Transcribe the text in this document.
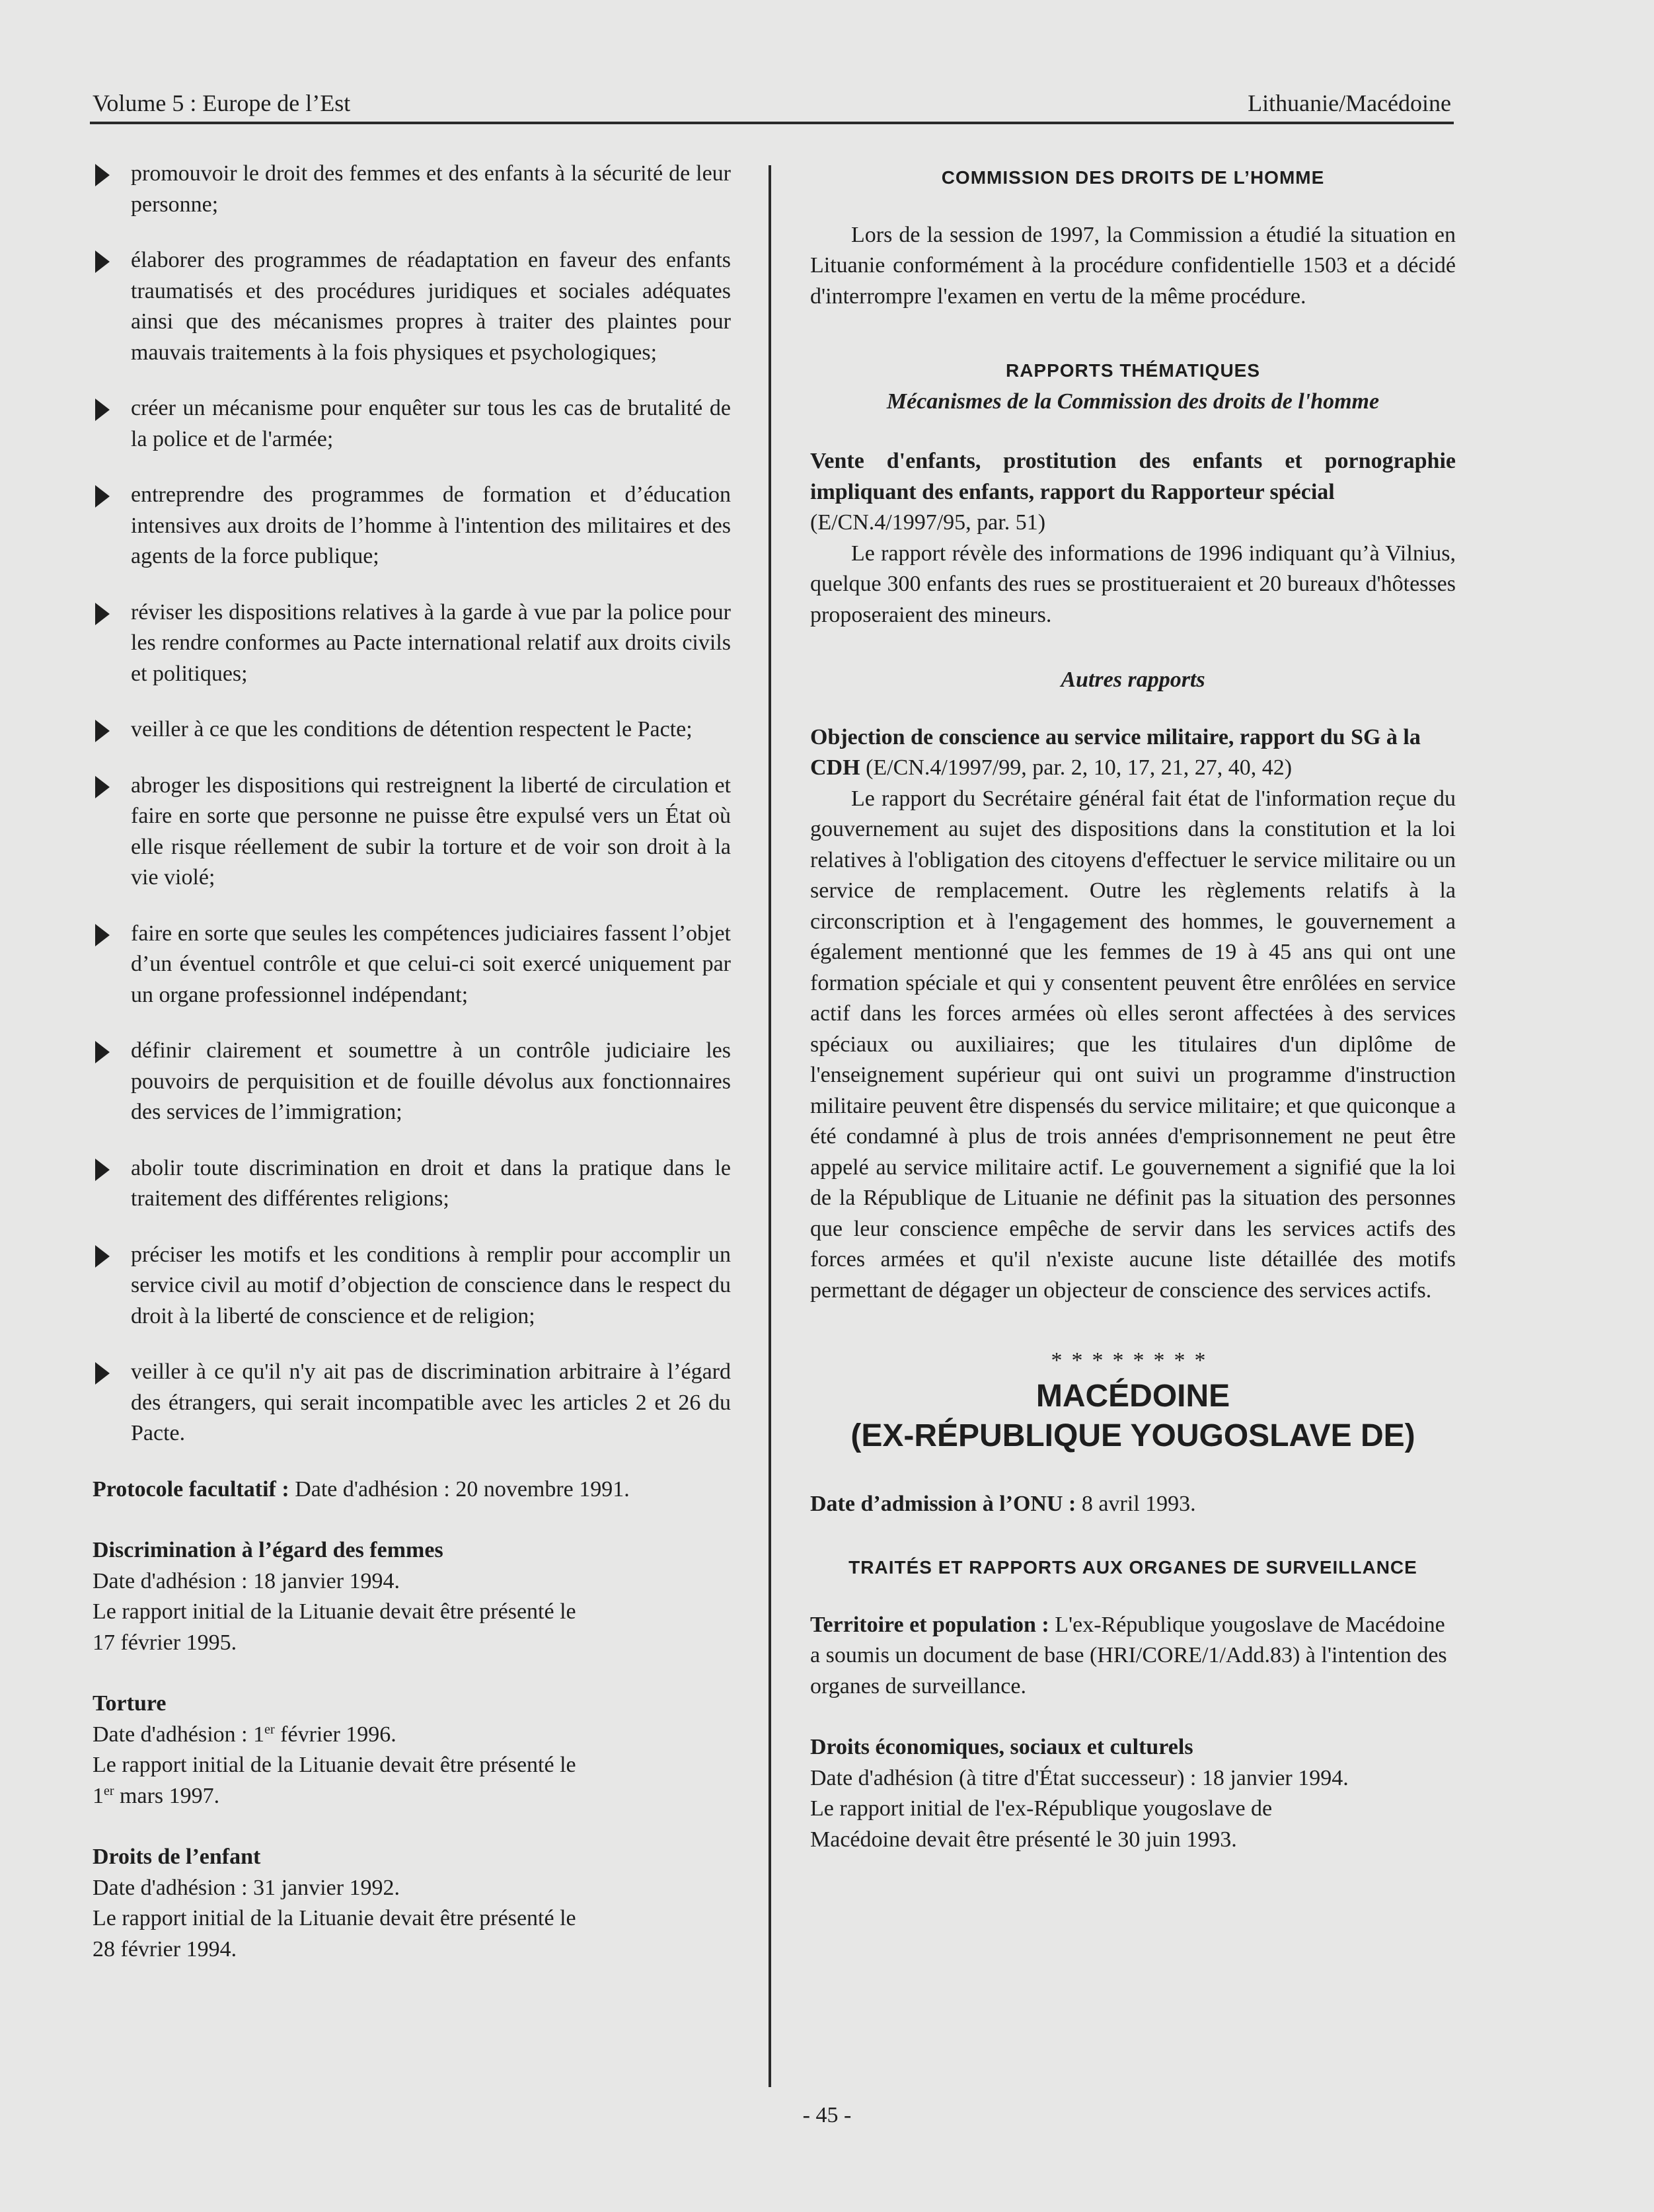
Volume 5 : Europe de l’Est	Lithuanie/Macédoine

promouvoir le droit des femmes et des enfants à la sécurité de leur personne;

élaborer des programmes de réadaptation en faveur des enfants traumatisés et des procédures juridiques et sociales adéquates ainsi que des mécanismes propres à traiter des plaintes pour mauvais traitements à la fois physiques et psychologiques;

créer un mécanisme pour enquêter sur tous les cas de brutalité de la police et de l'armée;

entreprendre des programmes de formation et d’éducation intensives aux droits de l’homme à l'intention des militaires et des agents de la force publique;

réviser les dispositions relatives à la garde à vue par la police pour les rendre conformes au Pacte international relatif aux droits civils et politiques;

veiller à ce que les conditions de détention respectent le Pacte;

abroger les dispositions qui restreignent la liberté de circulation et faire en sorte que personne ne puisse être expulsé vers un État où elle risque réellement de subir la torture et de voir son droit à la vie violé;

faire en sorte que seules les compétences judiciaires fassent l’objet d’un éventuel contrôle et que celui-ci soit exercé uniquement par un organe professionnel indépendant;

définir clairement et soumettre à un contrôle judiciaire les pouvoirs de perquisition et de fouille dévolus aux fonctionnaires des services de l’immigration;

abolir toute discrimination en droit et dans la pratique dans le traitement des différentes religions;

préciser les motifs et les conditions à remplir pour accomplir un service civil au motif d’objection de conscience dans le respect du droit à la liberté de conscience et de religion;

veiller à ce qu'il n'y ait pas de discrimination arbitraire à l’égard des étrangers, qui serait incompatible avec les articles 2 et 26 du Pacte.

Protocole facultatif : Date d'adhésion : 20 novembre 1991.

Discrimination à l’égard des femmes

Date d'adhésion : 18 janvier 1994.

Le rapport initial de la Lituanie devait être présenté le

17 février 1995.

Torture

Date d'adhésion : 1er février 1996.

Le rapport initial de la Lituanie devait être présenté le

1er mars 1997.

Droits de l’enfant

Date d'adhésion : 31 janvier 1992.

Le rapport initial de la Lituanie devait être présenté le

28 février 1994.

COMMISSION DES DROITS DE L’HOMME

Lors de la session de 1997, la Commission a étudié la situation en Lituanie conformément à la procédure confidentielle 1503 et a décidé d'interrompre l'examen en vertu de la même procédure.

RAPPORTS THÉMATIQUES

Mécanismes de la Commission des droits de l'homme

Vente d'enfants, prostitution des enfants et pornographie impliquant des enfants, rapport du Rapporteur spécial
(E/CN.4/1997/95, par. 51)

Le rapport révèle des informations de 1996 indiquant qu’à Vilnius, quelque 300 enfants des rues se prostitueraient et 20 bureaux d'hôtesses proposeraient des mineurs.

Autres rapports

Objection de conscience au service militaire, rapport du SG à la CDH (E/CN.4/1997/99, par. 2, 10, 17, 21, 27, 40, 42)

Le rapport du Secrétaire général fait état de l'information reçue du gouvernement au sujet des dispositions dans la constitution et la loi relatives à l'obligation des citoyens d'effectuer le service militaire ou un service de remplacement. Outre les règlements relatifs à la circonscription et à l'engagement des hommes, le gouvernement a également mentionné que les femmes de 19 à 45 ans qui ont une formation spéciale et qui y consentent peuvent être enrôlées en service actif dans les forces armées où elles seront affectées à des services spéciaux ou auxiliaires; que les titulaires d'un diplôme de l'enseignement supérieur qui ont suivi un programme d'instruction militaire peuvent être dispensés du service militaire; et que quiconque a été condamné à plus de trois années d'emprisonnement ne peut être appelé au service militaire actif. Le gouvernement a signifié que la loi de la République de Lituanie ne définit pas la situation des personnes que leur conscience empêche de servir dans les services actifs des forces armées et qu'il n'existe aucune liste détaillée des motifs permettant de dégager un objecteur de conscience des services actifs.

********

MACÉDOINE

(EX-RÉPUBLIQUE YOUGOSLAVE DE)

Date d’admission à l’ONU : 8 avril 1993.

TRAITÉS ET RAPPORTS AUX ORGANES DE SURVEILLANCE

Territoire et population : L'ex-République yougoslave de Macédoine a soumis un document de base (HRI/CORE/1/Add.83) à l'intention des organes de surveillance.

Droits économiques, sociaux et culturels

Date d'adhésion (à titre d'État successeur) : 18 janvier 1994.

Le rapport initial de l'ex-République yougoslave de

Macédoine devait être présenté le 30 juin 1993.

- 45 -
